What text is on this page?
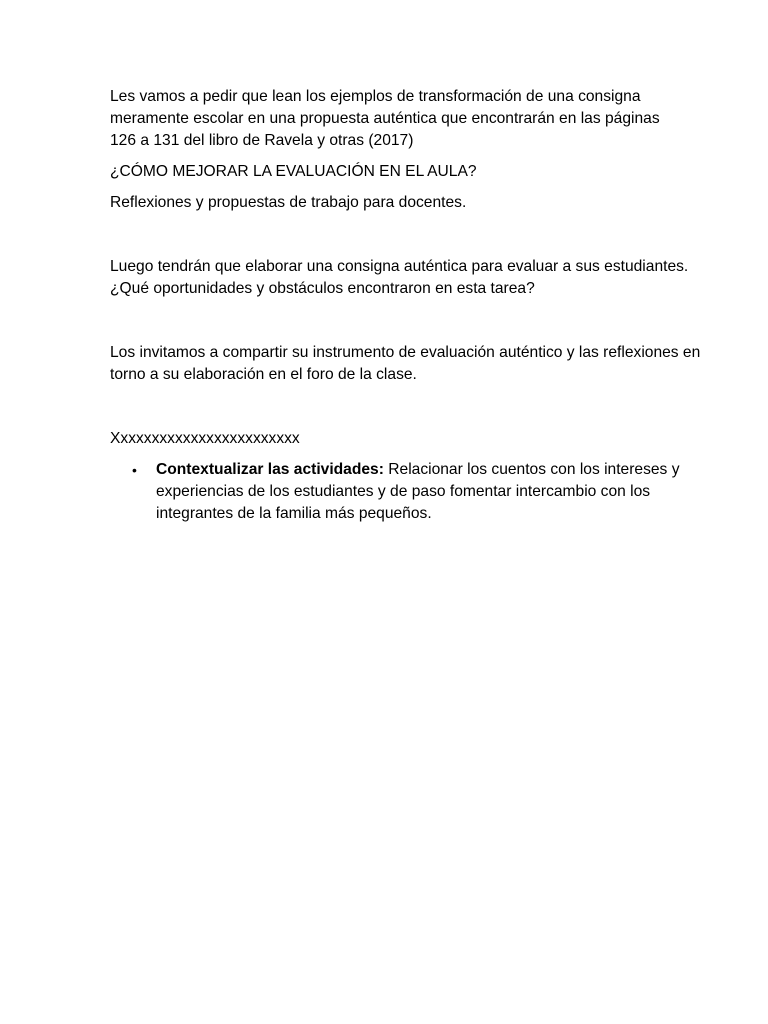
Les vamos a pedir que lean los ejemplos de transformación de una consigna
meramente escolar en una propuesta auténtica que encontrarán en las páginas
126 a 131 del libro de Ravela y otras (2017)

¿CÓMO MEJORAR LA EVALUACIÓN EN EL AULA?

Reflexiones y propuestas de trabajo para docentes.

Luego tendrán que elaborar una consigna auténtica para evaluar a sus estudiantes.
¿Qué oportunidades y obstáculos encontraron en esta tarea?

Los invitamos a compartir su instrumento de evaluación auténtico y las reflexiones en
torno a su elaboración en el foro de la clase.

Xxxxxxxxxxxxxxxxxxxxxxxx

• Contextualizar las actividades: Relacionar los cuentos con los intereses y experiencias de los estudiantes y de paso fomentar intercambio con los integrantes de la familia más pequeños.
